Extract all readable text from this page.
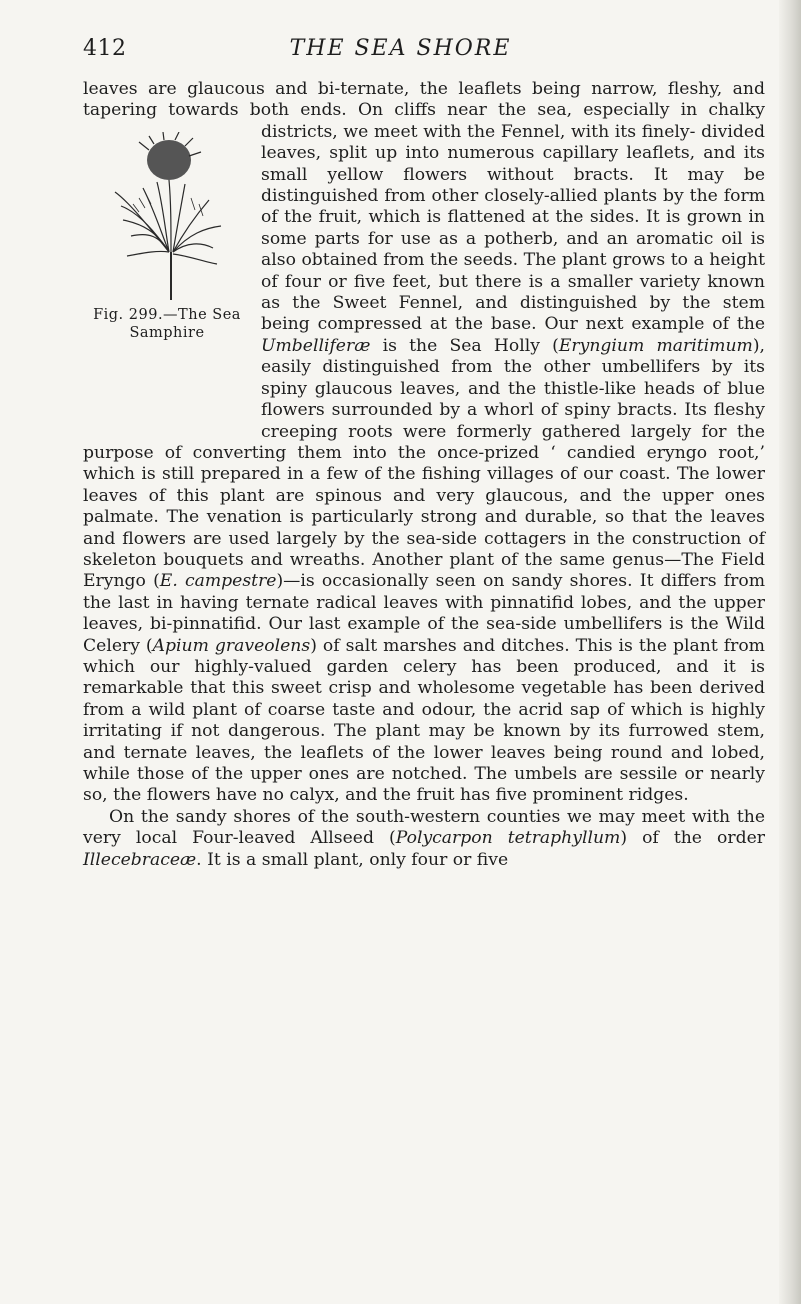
412	THE SEA SHORE

leaves are glaucous and bi-ternate, the leaflets being narrow, fleshy, and tapering towards both ends. On cliffs near the sea, especially in chalky districts, we meet with the Fennel, with its finely-
Fig. 299.—The Sea
Samphire
divided leaves, split up into numerous capillary leaflets, and its small yellow flowers without bracts. It may be distinguished from other closely-allied plants by the form of the fruit, which is flattened at the sides. It is grown in some parts for use as a potherb, and an aromatic oil is also obtained from the seeds. The plant grows to a height of four or five feet, but there is a smaller variety known as the Sweet Fennel, and distinguished by the stem being compressed at the base. Our next example of the Umbelliferæ is the Sea Holly (Eryngium maritimum), easily distinguished from the other umbellifers by its spiny glaucous leaves, and the thistle-like heads of blue flowers surrounded by a whorl of spiny bracts. Its fleshy creeping roots were formerly gathered largely for the purpose of converting them into the once-prized ‘ candied eryngo root,’ which is still prepared in a few of the fishing villages of our coast. The lower leaves of this plant are spinous and very glaucous, and the upper ones palmate. The venation is particularly strong and durable, so that the leaves and flowers are used largely by the sea-side cottagers in the construction of skeleton bouquets and wreaths. Another plant of the same genus—The Field Eryngo (E. campestre)—is occasionally seen on sandy shores. It differs from the last in having ternate radical leaves with pinnatifid lobes, and the upper leaves, bi-pinnatifid. Our last example of the sea-side umbellifers is the Wild Celery (Apium graveolens) of salt marshes and ditches. This is the plant from which our highly-valued garden celery has been produced, and it is remarkable that this sweet crisp and wholesome vegetable has been derived from a wild plant of coarse taste and odour, the acrid sap of which is highly irritating if not dangerous. The plant may be known by its furrowed stem, and ternate leaves, the leaflets of the lower leaves being round and lobed, while those of the upper ones are notched. The umbels are sessile or nearly so, the flowers have no calyx, and the fruit has five prominent ridges.

On the sandy shores of the south-western counties we may meet with the very local Four-leaved Allseed (Polycarpon tetraphyllum) of the order Illecebraceæ. It is a small plant, only four or five
